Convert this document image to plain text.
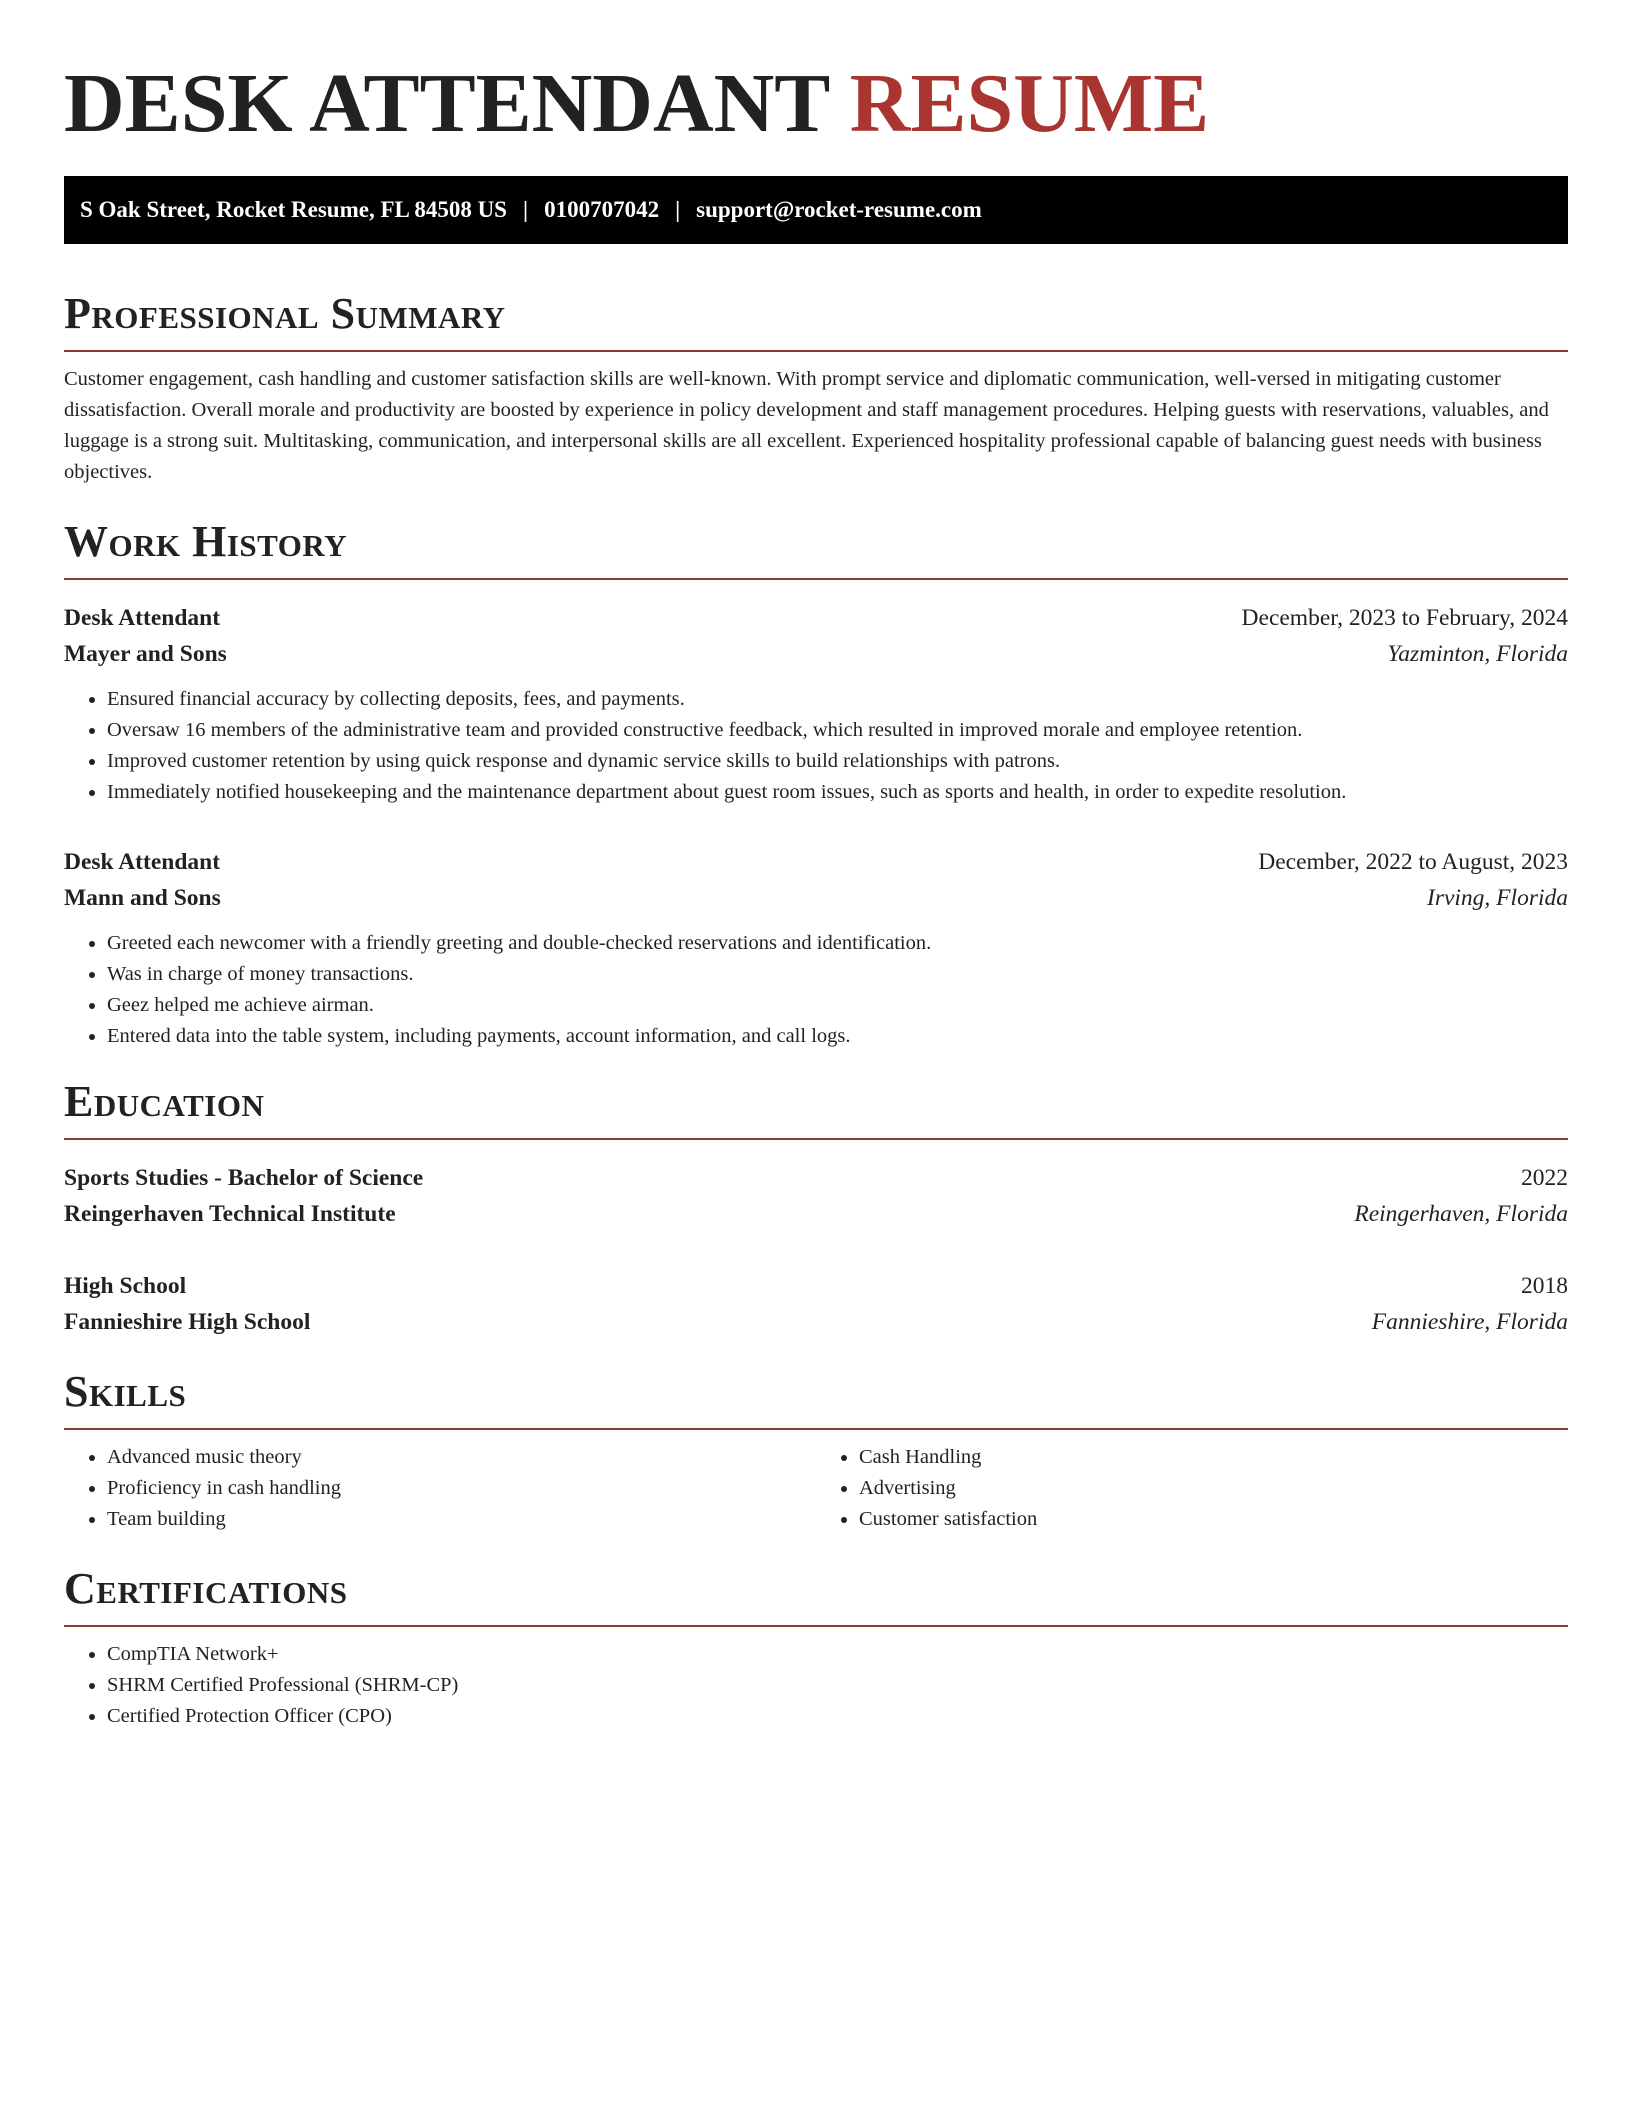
DESK ATTENDANT RESUME
S Oak Street, Rocket Resume, FL 84508 US | 0100707042 | support@rocket-resume.com
Professional Summary

Customer engagement, cash handling and customer satisfaction skills are well-known. With prompt service and diplomatic communication, well-versed in mitigating customer dissatisfaction. Overall morale and productivity are boosted by experience in policy development and staff management procedures. Helping guests with reservations, valuables, and luggage is a strong suit. Multitasking, communication, and interpersonal skills are all excellent. Experienced hospitality professional capable of balancing guest needs with business objectives.

Work History
Desk Attendant	December, 2023 to February, 2024
Mayer and Sons	Yazminton, Florida
• Ensured financial accuracy by collecting deposits, fees, and payments.
• Oversaw 16 members of the administrative team and provided constructive feedback, which resulted in improved morale and employee retention.
• Improved customer retention by using quick response and dynamic service skills to build relationships with patrons.
• Immediately notified housekeeping and the maintenance department about guest room issues, such as sports and health, in order to expedite resolution.
Desk Attendant	December, 2022 to August, 2023
Mann and Sons	Irving, Florida
• Greeted each newcomer with a friendly greeting and double-checked reservations and identification.
• Was in charge of money transactions.
• Geez helped me achieve airman.
• Entered data into the table system, including payments, account information, and call logs.
Education
Sports Studies - Bachelor of Science	2022
Reingerhaven Technical Institute	Reingerhaven, Florida
High School	2018
Fannieshire High School	Fannieshire, Florida
Skills
• Advanced music theory
• Proficiency in cash handling
• Team building
• Cash Handling
• Advertising
• Customer satisfaction
Certifications
• CompTIA Network+
• SHRM Certified Professional (SHRM-CP)
• Certified Protection Officer (CPO)
